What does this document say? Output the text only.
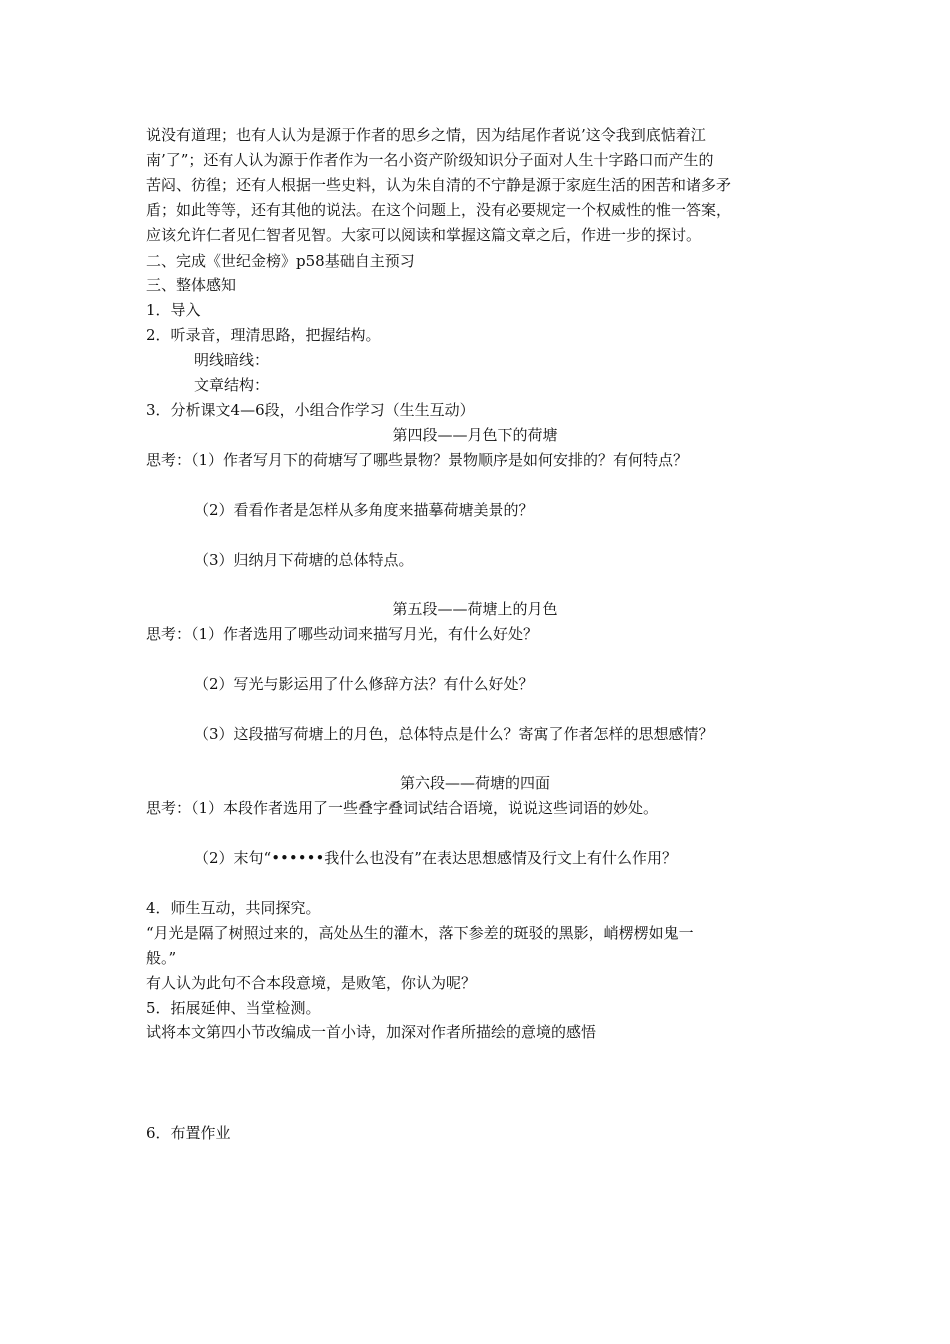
说没有道理；也有人认为是源于作者的思乡之情，因为结尾作者说’这令我到底惦着江
南’了”；还有人认为源于作者作为一名小资产阶级知识分子面对人生十字路口而产生的
苦闷、彷徨；还有人根据一些史料，认为朱自清的不宁静是源于家庭生活的困苦和诸多矛
盾；如此等等，还有其他的说法。在这个问题上，没有必要规定一个权威性的惟一答案，
应该允许仁者见仁智者见智。大家可以阅读和掌握这篇文章之后，作进一步的探讨。
二、完成《世纪金榜》p58基础自主预习
三、整体感知
1．导入
2．听录音，理清思路，把握结构。
明线暗线：
文章结构：
3．分析课文4—6段，小组合作学习（生生互动）
第四段——月色下的荷塘
思考：（1）作者写月下的荷塘写了哪些景物？景物顺序是如何安排的？有何特点？
（2）看看作者是怎样从多角度来描摹荷塘美景的？
（3）归纳月下荷塘的总体特点。
第五段——荷塘上的月色
思考：（1）作者选用了哪些动词来描写月光，有什么好处？
（2）写光与影运用了什么修辞方法？有什么好处？
（3）这段描写荷塘上的月色，总体特点是什么？寄寓了作者怎样的思想感情？
第六段——荷塘的四面
思考：（1）本段作者选用了一些叠字叠词试结合语境，说说这些词语的妙处。
（2）末句“••••••我什么也没有”在表达思想感情及行文上有什么作用？
4．师生互动，共同探究。
“月光是隔了树照过来的，高处丛生的灌木，落下参差的斑驳的黑影，峭楞楞如鬼一
般。”
有人认为此句不合本段意境，是败笔，你认为呢？
5．拓展延伸、当堂检测。
试将本文第四小节改编成一首小诗，加深对作者所描绘的意境的感悟
6．布置作业
